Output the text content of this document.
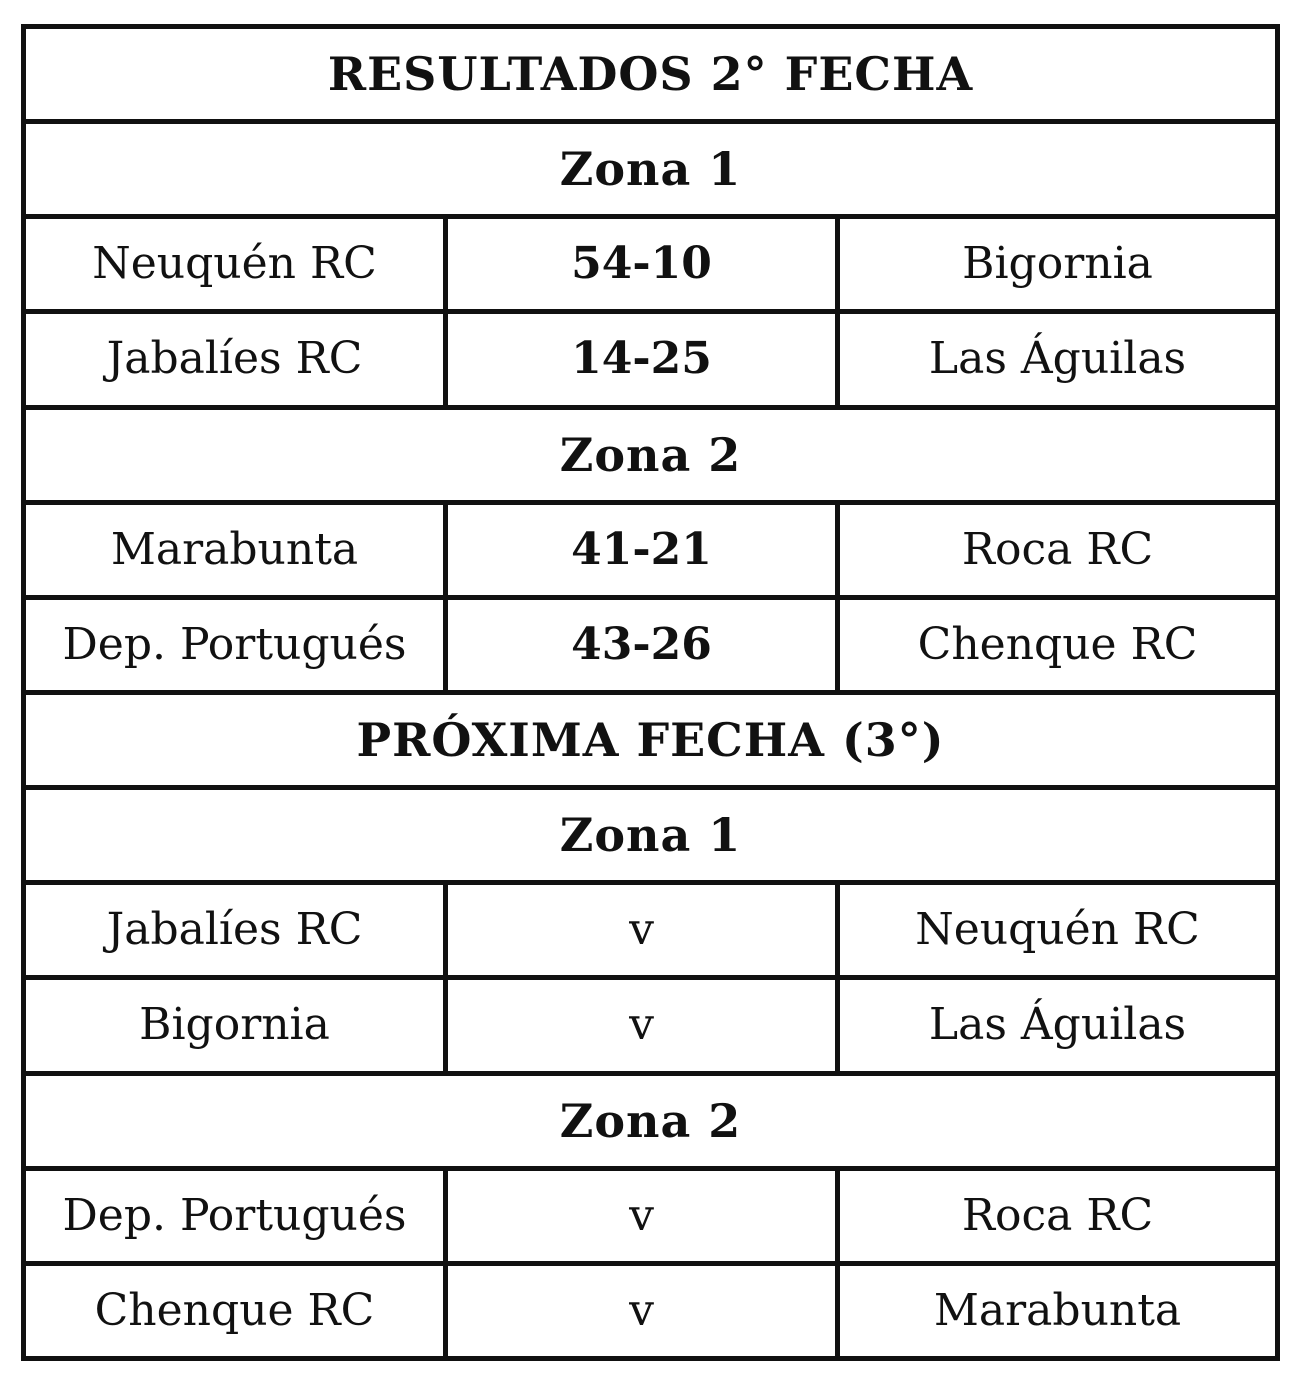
RESULTADOS 2° FECHA		
Zona 1		
Neuquén RC	54-10	Bigornia
Jabalíes RC	14-25	Las Águilas
Zona 2		
Marabunta	41-21	Roca RC
Dep. Portugués	43-26	Chenque RC
PRÓXIMA FECHA (3°)		
Zona 1		
Jabalíes RC	v	Neuquén RC
Bigornia	v	Las Águilas
Zona 2		
Dep. Portugués	v	Roca RC
Chenque RC	v	Marabunta
